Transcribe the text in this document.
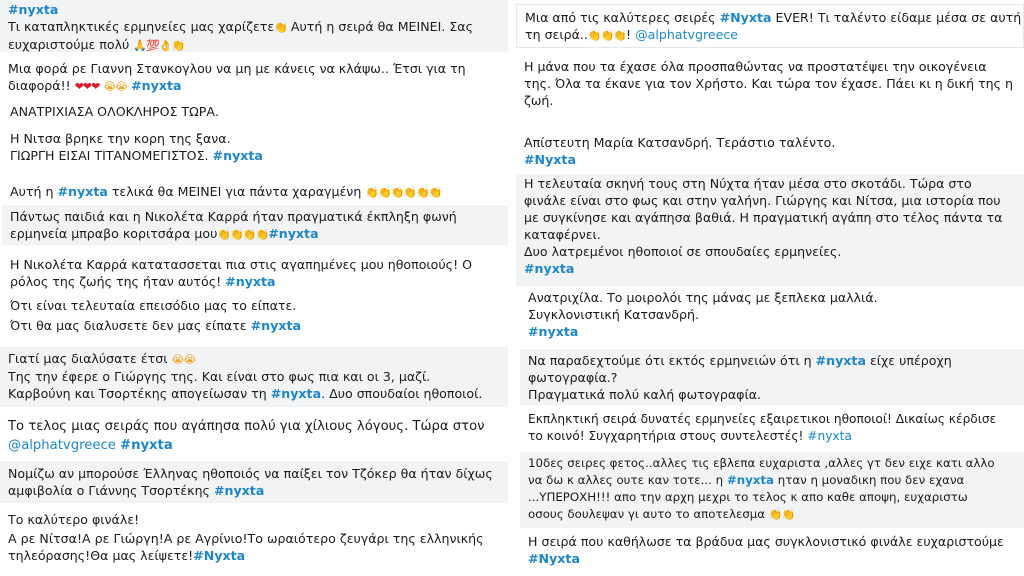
#nyxta
Τι καταπληκτικές ερμηνείες μας χαρίζετε👏 Αυτή η σειρά θα ΜΕΙΝΕΙ. Σας
ευχαριστούμε πολύ 🙏💯👌👏
Μια φορά ρε Γιαννη Στανκογλου να μη με κάνεις να κλάψω.. Έτσι για τη
διαφορά!! ❤❤❤ 😭😭 #nyxta
ΑΝΑΤΡΙΧΙΑΣΑ ΟΛΟΚΛΗΡΟΣ ΤΩΡΑ.
Η Νιτσα βρηκε την κορη της ξανα.
ΓΙΩΡΓΗ ΕΙΣΑΙ ΤΙΤΑΝΟΜΕΓΙΣΤΟΣ. #nyxta
Αυτή η #nyxta τελικά θα ΜΕΙΝΕΙ για πάντα χαραγμένη 👏👏👏👏👏👏
Πάντως παιδιά και η Νικολέτα Καρρά ήταν πραγματικά έκπληξη φωνή
ερμηνεία μπραβο κοριτσάρα μου👏👏👏👏#nyxta
Η Νικολέτα Καρρά κατατασσεται πια στις αγαπημένες μου ηθοποιούς! Ο
ρόλος της ζωής της ήταν αυτός! #nyxta
Ότι είναι τελευταία επεισόδιο μας το είπατε.
Ότι θα μας διαλυσετε δεν μας είπατε #nyxta
Γιατί μας διαλύσατε έτσι 😭😭
Της την έφερε ο Γιώργης της. Και είναι στο φως πια και οι 3, μαζί.
Καρβούνη και Τσορτέκης απογείωσαν τη #nyxta. Δυο σπουδαίοι ηθοποιοί.
Το τελος μιας σειράς που αγάπησα πολύ για χίλιους λόγους. Τώρα στον
@alphatvgreece #nyxta
Νομίζω αν μπορούσε Έλληνας ηθοποιός να παίξει τον Τζόκερ θα ήταν δίχως
αμφιβολία ο Γιάννης Τσορτέκης #nyxta
Το καλύτερο φινάλε!
Α ρε Νίτσα!Α ρε Γιώργη!Α ρε Αγρίνιο!Το ωραιότερο ζευγάρι της ελληνικής
τηλεόρασης!Θα μας λείψετε!#Nyxta
Μια από τις καλύτερες σειρές #Nyxta EVER! Τι ταλέντο είδαμε μέσα σε αυτή
τη σειρά..👏👏👏! @alphatvgreece
Η μάνα που τα έχασε όλα προσπαθώντας να προστατέψει την οικογένεια
της. Όλα τα έκανε για τον Χρήστο. Και τώρα τον έχασε. Πάει κι η δική της η
ζωή.
Απίστευτη Μαρία Κατσανδρή. Τεράστιο ταλέντο.
#Nyxta
Η τελευταία σκηνή τους στη Νύχτα ήταν μέσα στο σκοτάδι. Τώρα στο
φινάλε είναι στο φως και στην γαλήνη. Γιώργης και Νίτσα, μια ιστορία που
με συγκίνησε και αγάπησα βαθιά. Η πραγματική αγάπη στο τέλος πάντα τα
καταφέρνει.
Δυο λατρεμένοι ηθοποιοί σε σπουδαίες ερμηνείες.
#nyxta
Ανατριχίλα. Το μοιρολόι της μάνας με ξεπλεκα μαλλιά.
Συγκλονιστική Κατσανδρή.
#nyxta
Να παραδεχτούμε ότι εκτός ερμηνειών ότι η #nyxta είχε υπέροχη
φωτογραφία.?
Πραγματικά πολύ καλή φωτογραφία.
Εκπληκτική σειρά δυνατές ερμηνείες εξαιρετικοι ηθοποιοί! Δικαίως κέρδισε
το κοινό! Συγχαρητήρια στους συντελεστές! #nyxta
10δες σειρες φετος..αλλες τις εβλεπα ευχαριστα ,αλλες γτ δεν ειχε κατι αλλο
να δω κ αλλες ουτε καν τοτε... η #nyxta ηταν η μοναδικη που δεν εχανα
...ΥΠΕΡΟΧΗ!!! απο την αρχη μεχρι το τελος κ απο καθε αποψη, ευχαριστω
οσους δουλεψαν γι αυτο το αποτελεσμα 👏👏
Η σειρά που καθήλωσε τα βράδυα μας συγκλονιστικό φινάλε ευχαριστούμε
#Nyxta
